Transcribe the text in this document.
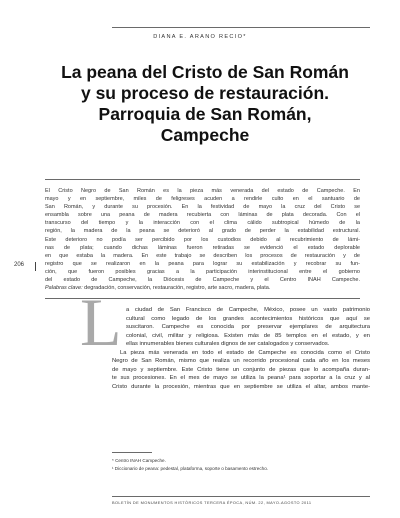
DIANA E. ARANO RECIO*
La peana del Cristo de San Román
y su proceso de restauración.
Parroquia de San Román,
Campeche
El Cristo Negro de San Román es la pieza más venerada del estado de Campeche. En
mayo y en septiembre, miles de feligreses acuden a rendirle culto en el santuario de
San Román, y durante su procesión. En la festividad de mayo la cruz del Cristo se
ensambla sobre una peana de madera recubierta con láminas de plata decorada. Con el
transcurso del tiempo y la interacción con el clima cálido subtropical húmedo de la
región, la madera de la peana se deterioró al grado de perder la estabilidad estructural.
Este deterioro no podía ser percibido por los custodios debido al recubrimiento de lámi-
nas de plata; cuando dichas láminas fueron retiradas se evidenció el estado deplorable
en que estaba la madera. En este trabajo se describen los procesos de restauración y de
registro que se realizaron en la peana para lograr su estabilización y recobrar su fun-
ción, que fueron posibles gracias a la participación interinstitucional entre el gobierno
del estado de Campeche, la Diócesis de Campeche y el Centro INAH Campeche.
Palabras clave: degradación, conservación, restauración, registro, arte sacro, madera, plata.
206
L a ciudad de San Francisco de Campeche, México, posee un vasto patrimonio
cultural como legado de los grandes acontecimientos históricos que aquí se
suscitaron. Campeche es conocida por preservar ejemplares de arquitectura
colonial, civil, militar y religiosa. Existen más de 85 templos en el estado, y en
ellas innumerables bienes culturales dignos de ser catalogados y conservados.
La pieza más venerada en todo el estado de Campeche es conocida como el Cristo
Negro de San Román, mismo que realiza un recorrido procesional cada año en los meses
de mayo y septiembre. Este Cristo tiene un conjunto de piezas que lo acompaña duran-
te sus procesiones. En el mes de mayo se utiliza la peana¹ para soportar a la cruz y al
Cristo durante la procesión, mientras que en septiembre se utiliza el altar, ambos mante-
* Centro INAH Campeche.
¹ Diccionario de peana: pedestal, plataforma, soporte o basamento estrecho.
BOLETÍN DE MONUMENTOS HISTÓRICOS TERCERA ÉPOCA, NÚM. 22, MAYO-AGOSTO 2011
